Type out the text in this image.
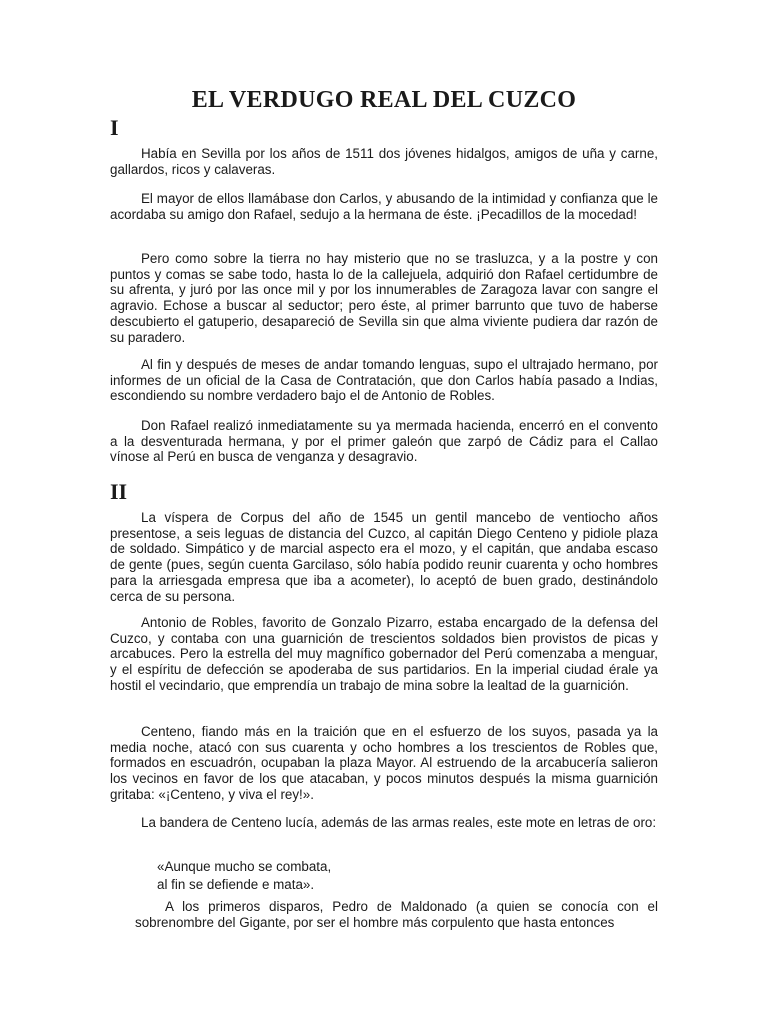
EL VERDUGO REAL DEL CUZCO
I

Había en Sevilla por los años de 1511 dos jóvenes hidalgos, amigos de uña y carne, gallardos, ricos y calaveras.

El mayor de ellos llamábase don Carlos, y abusando de la intimidad y confianza que le acordaba su amigo don Rafael, sedujo a la hermana de éste. ¡Pecadillos de la mocedad!

Pero como sobre la tierra no hay misterio que no se trasluzca, y a la postre y con puntos y comas se sabe todo, hasta lo de la callejuela, adquirió don Rafael certidumbre de su afrenta, y juró por las once mil y por los innumerables de Zaragoza lavar con sangre el agravio. Echose a buscar al seductor; pero éste, al primer barrunto que tuvo de haberse descubierto el gatuperio, desapareció de Sevilla sin que alma viviente pudiera dar razón de su paradero.

Al fin y después de meses de andar tomando lenguas, supo el ultrajado hermano, por informes de un oficial de la Casa de Contratación, que don Carlos había pasado a Indias, escondiendo su nombre verdadero bajo el de Antonio de Robles.

Don Rafael realizó inmediatamente su ya mermada hacienda, encerró en el convento a la desventurada hermana, y por el primer galeón que zarpó de Cádiz para el Callao vínose al Perú en busca de venganza y desagravio.

II

La víspera de Corpus del año de 1545 un gentil mancebo de ventiocho años presentose, a seis leguas de distancia del Cuzco, al capitán Diego Centeno y pidiole plaza de soldado. Simpático y de marcial aspecto era el mozo, y el capitán, que andaba escaso de gente (pues, según cuenta Garcilaso, sólo había podido reunir cuarenta y ocho hombres para la arriesgada empresa que iba a acometer), lo aceptó de buen grado, destinándolo cerca de su persona.

Antonio de Robles, favorito de Gonzalo Pizarro, estaba encargado de la defensa del Cuzco, y contaba con una guarnición de trescientos soldados bien provistos de picas y arcabuces. Pero la estrella del muy magnífico gobernador del Perú comenzaba a menguar, y el espíritu de defección se apoderaba de sus partidarios. En la imperial ciudad érale ya hostil el vecindario, que emprendía un trabajo de mina sobre la lealtad de la guarnición.

Centeno, fiando más en la traición que en el esfuerzo de los suyos, pasada ya la media noche, atacó con sus cuarenta y ocho hombres a los trescientos de Robles que, formados en escuadrón, ocupaban la plaza Mayor. Al estruendo de la arcabucería salieron los vecinos en favor de los que atacaban, y pocos minutos después la misma guarnición gritaba: «¡Centeno, y viva el rey!».

La bandera de Centeno lucía, además de las armas reales, este mote en letras de oro:

«Aunque mucho se combata,
al fin se defiende e mata».

A los primeros disparos, Pedro de Maldonado (a quien se conocía con el sobrenombre del Gigante, por ser el hombre más corpulento que hasta entonces
